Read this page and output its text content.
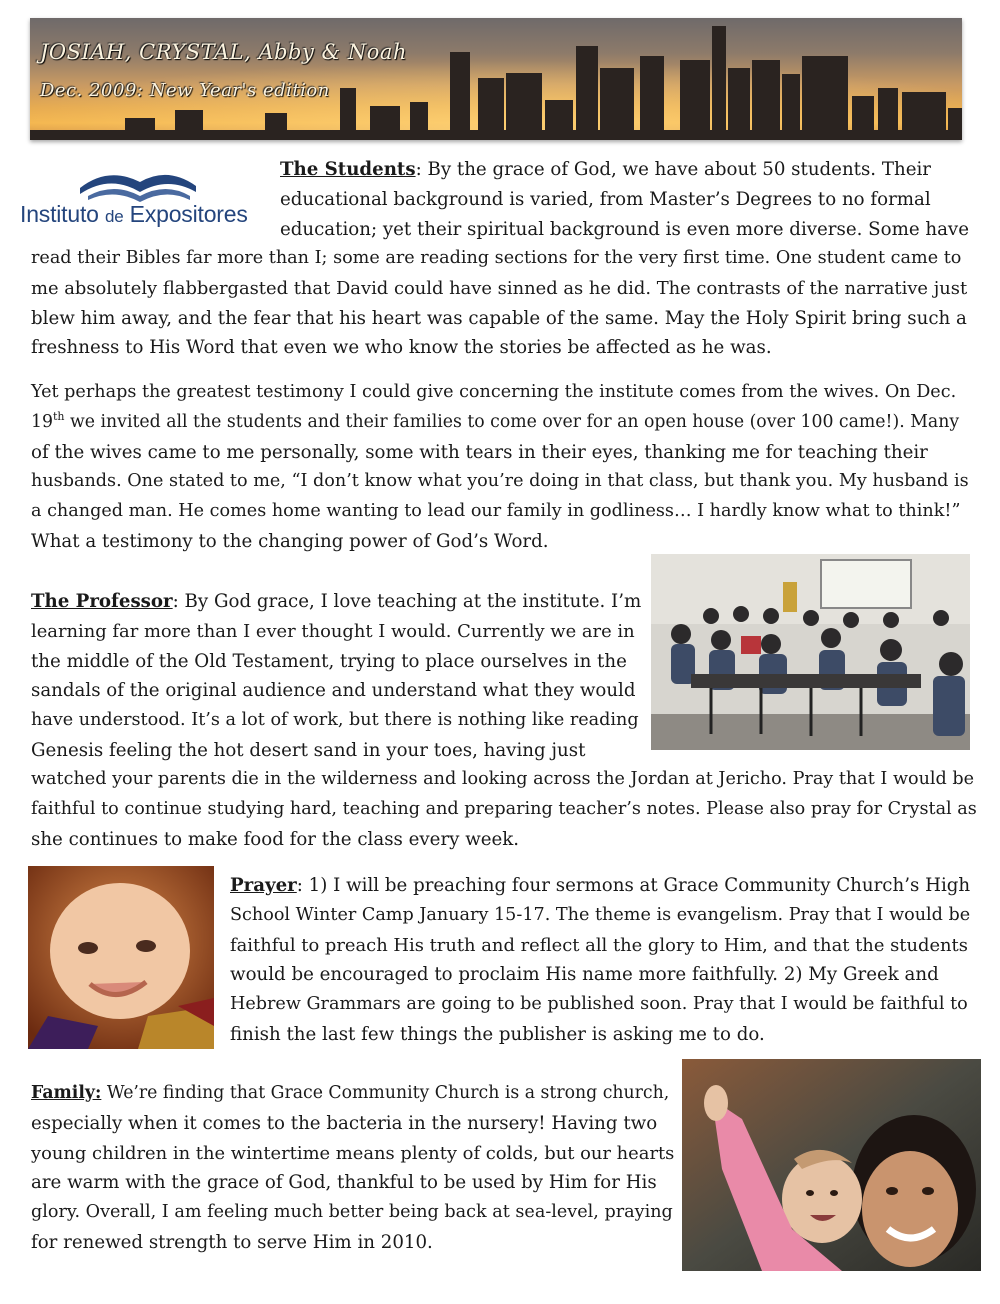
JOSIAH, CRYSTAL, Abby & Noah
Dec. 2009: New Year's edition
Instituto de Expositores
The Students: By the grace of God, we have about 50 students. Their
educational background is varied, from Master’s Degrees to no formal
education; yet their spiritual background is even more diverse. Some have
read their Bibles far more than I; some are reading sections for the very first time. One student came to
me absolutely flabbergasted that David could have sinned as he did. The contrasts of the narrative just
blew him away, and the fear that his heart was capable of the same. May the Holy Spirit bring such a
freshness to His Word that even we who know the stories be affected as he was.
Yet perhaps the greatest testimony I could give concerning the institute comes from the wives. On Dec.
19th we invited all the students and their families to come over for an open house (over 100 came!). Many
of the wives came to me personally, some with tears in their eyes, thanking me for teaching their
husbands. One stated to me, “I don’t know what you’re doing in that class, but thank you. My husband is
a changed man. He comes home wanting to lead our family in godliness… I hardly know what to think!”
What a testimony to the changing power of God’s Word.
The Professor: By God grace, I love teaching at the institute. I’m
learning far more than I ever thought I would. Currently we are in
the middle of the Old Testament, trying to place ourselves in the
sandals of the original audience and understand what they would
have understood. It’s a lot of work, but there is nothing like reading
Genesis feeling the hot desert sand in your toes, having just
watched your parents die in the wilderness and looking across the Jordan at Jericho. Pray that I would be
faithful to continue studying hard, teaching and preparing teacher’s notes. Please also pray for Crystal as
she continues to make food for the class every week.
Prayer: 1) I will be preaching four sermons at Grace Community Church’s High
School Winter Camp January 15-17. The theme is evangelism. Pray that I would be
faithful to preach His truth and reflect all the glory to Him, and that the students
would be encouraged to proclaim His name more faithfully. 2) My Greek and
Hebrew Grammars are going to be published soon. Pray that I would be faithful to
finish the last few things the publisher is asking me to do.
Family: We’re finding that Grace Community Church is a strong church,
especially when it comes to the bacteria in the nursery! Having two
young children in the wintertime means plenty of colds, but our hearts
are warm with the grace of God, thankful to be used by Him for His
glory. Overall, I am feeling much better being back at sea-level, praying
for renewed strength to serve Him in 2010.
